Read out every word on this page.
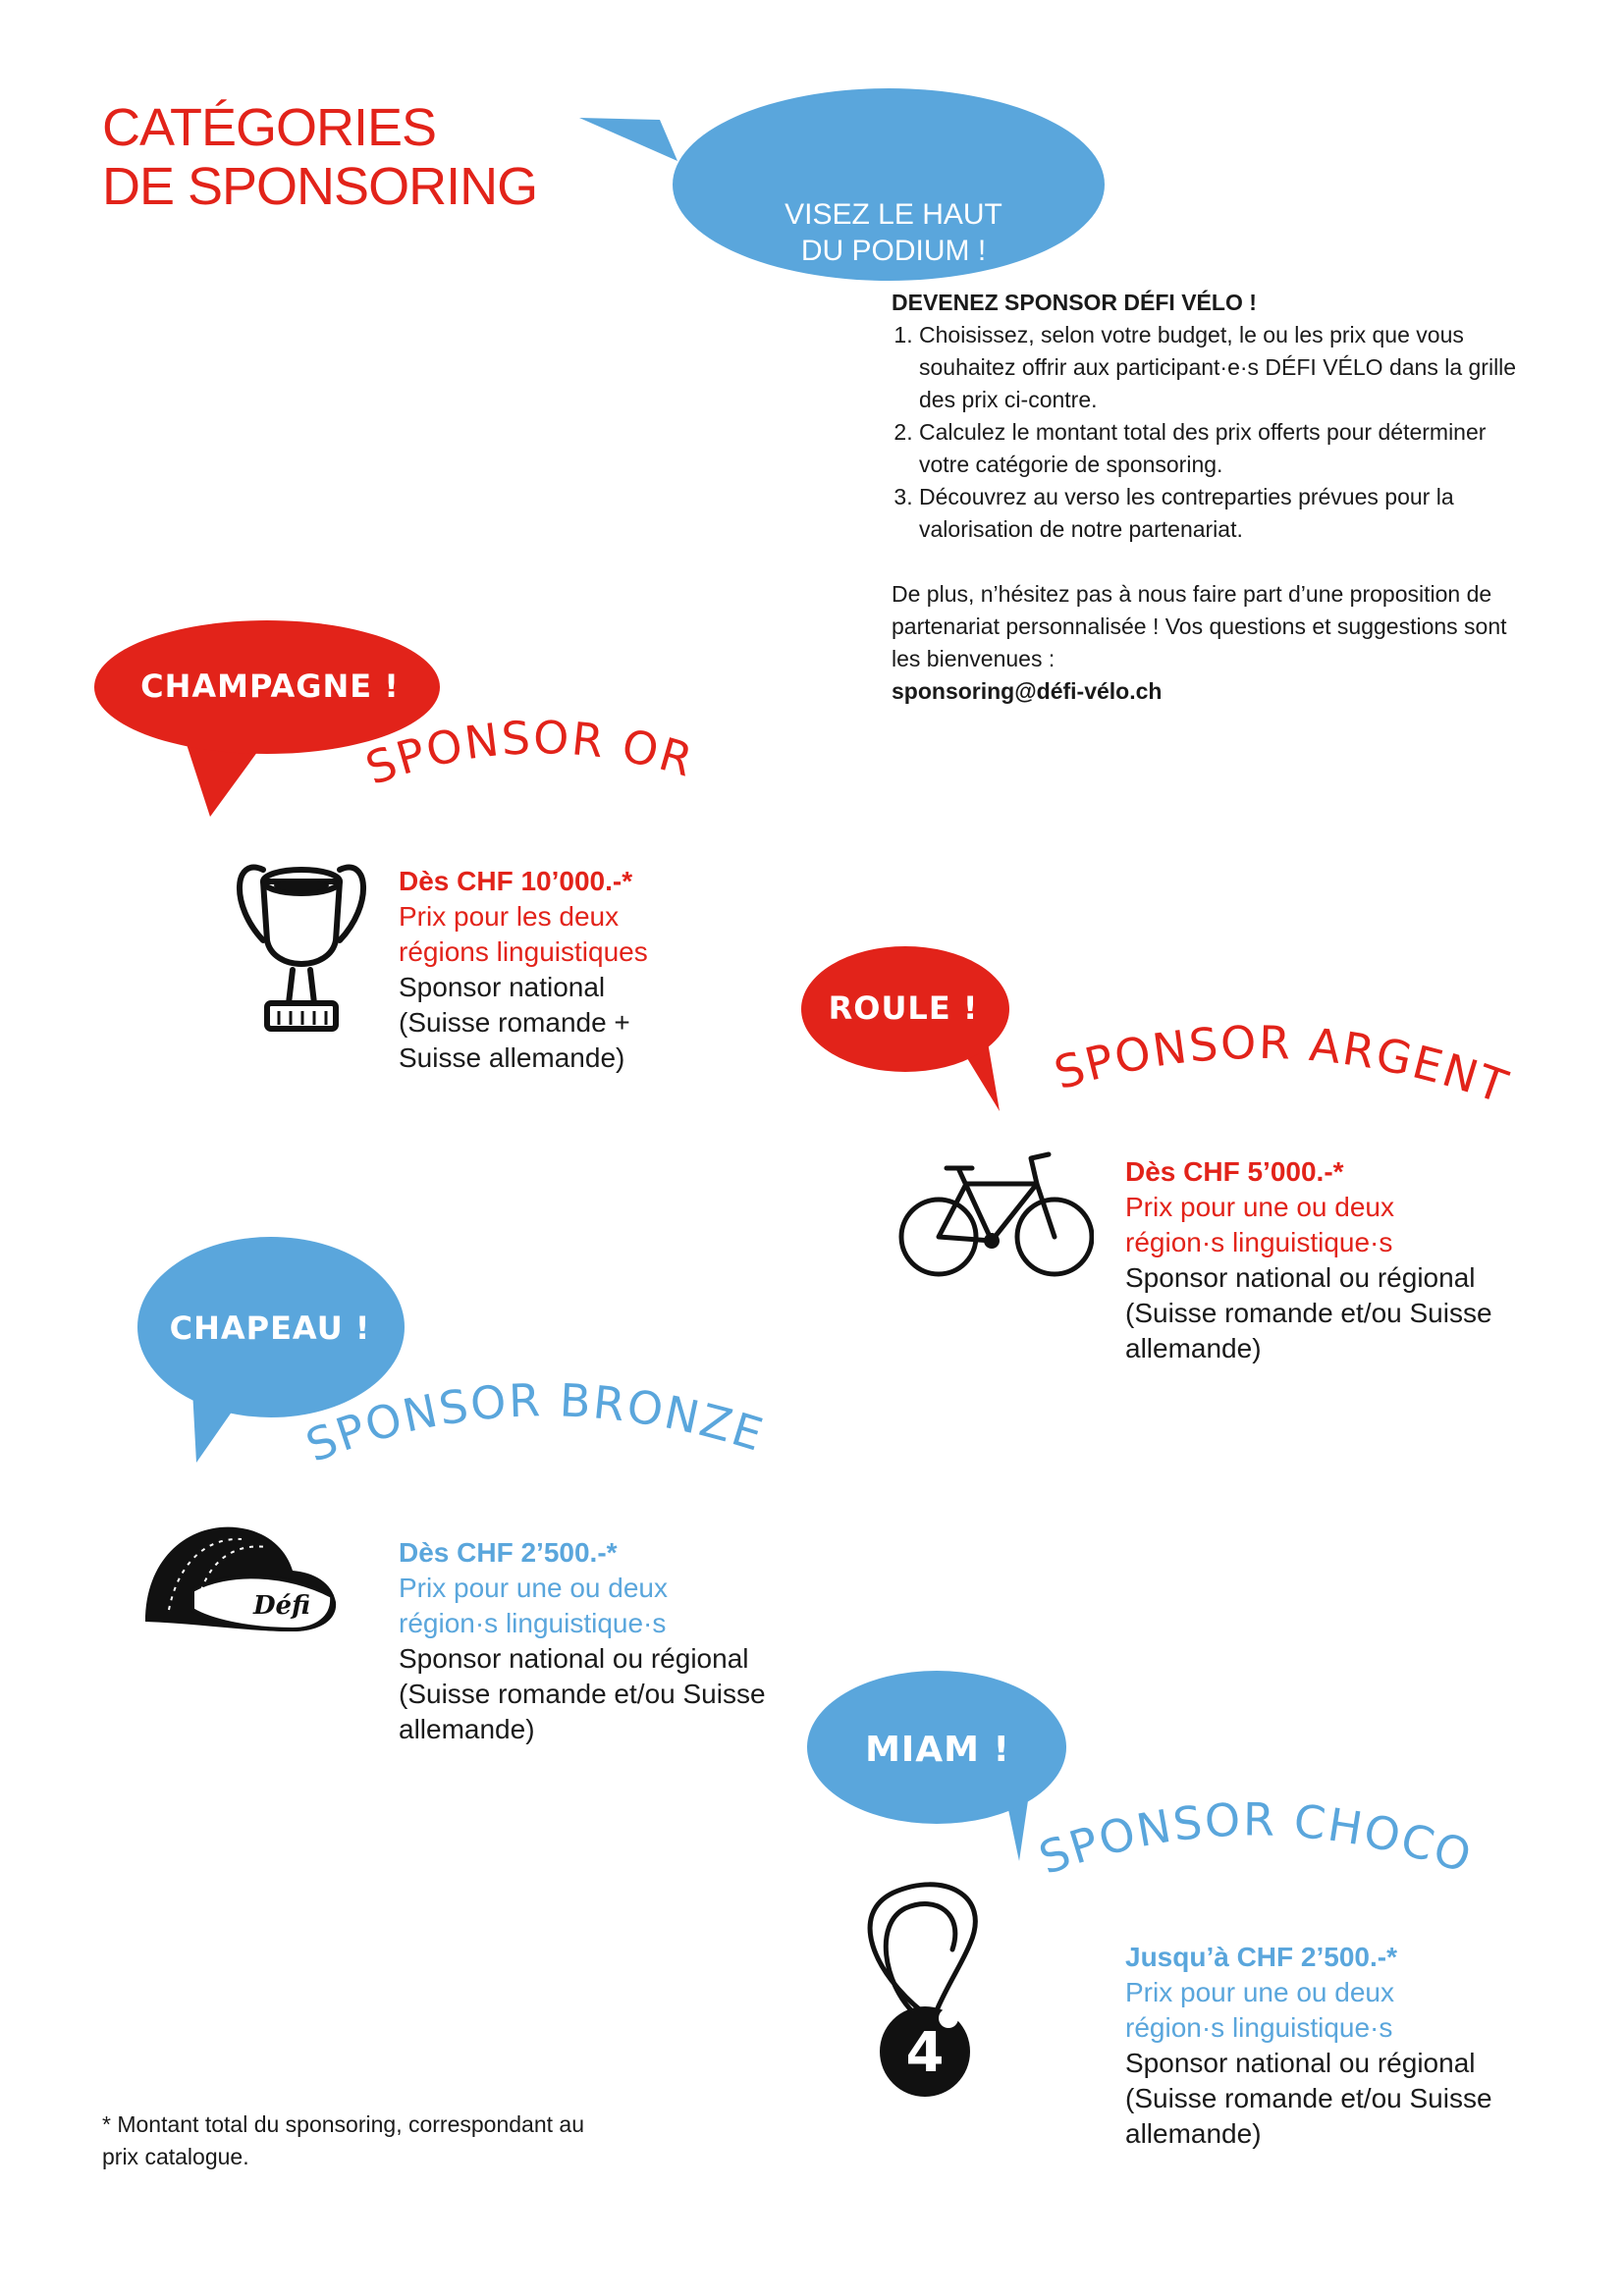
CATÉGORIES
DE SPONSORING	VISEZ LE HAUT
DU PODIUM !
DEVENEZ SPONSOR DÉFI VÉLO !
1. Choisissez, selon votre budget, le ou les prix que vous souhaitez offrir aux participant·e·s DÉFI VÉLO dans la grille des prix ci-contre.
2. Calculez le montant total des prix offerts pour déterminer votre catégorie de sponsoring.
3. Découvrez au verso les contreparties prévues pour la valorisation de notre partenariat.
De plus, n’hésitez pas à nous faire part d’une proposition de partenariat personnalisée ! Vos questions et suggestions sont les bienvenues :
sponsoring@défi-vélo.ch
CHAMPAGNE !
SPONSOR OR
Dès CHF 10’000.-*
Prix pour les deux régions linguistiques
Sponsor national (Suisse romande + Suisse allemande)
ROULE !
SPONSOR ARGENT
Dès CHF 5’000.-*
Prix pour une ou deux région·s linguistique·s
Sponsor national ou régional (Suisse romande et/ou Suisse allemande)
CHAPEAU !
SPONSOR BRONZE
Défi
Dès CHF 2’500.-*
Prix pour une ou deux région·s linguistique·s
Sponsor national ou régional (Suisse romande et/ou Suisse allemande)
MIAM !
SPONSOR CHOCO
4
Jusqu’à CHF 2’500.-*
Prix pour une ou deux région·s linguistique·s
Sponsor national ou régional (Suisse romande et/ou Suisse allemande)
* Montant total du sponsoring, correspondant au prix catalogue.
